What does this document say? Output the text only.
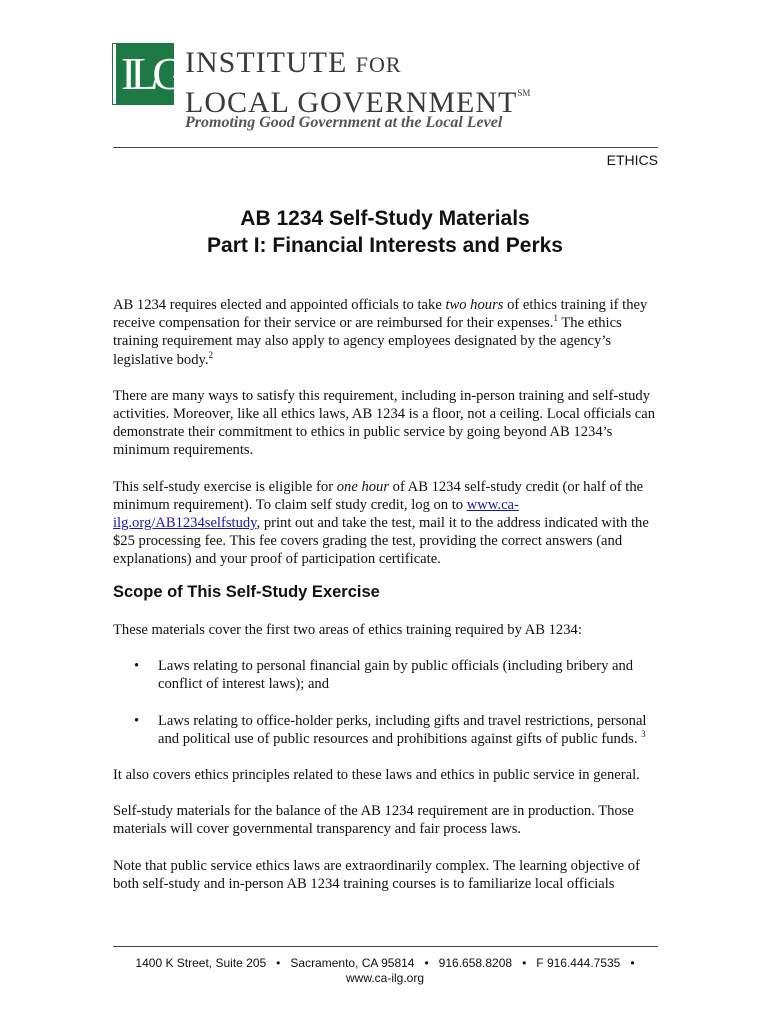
ILG INSTITUTE FOR
LOCAL GOVERNMENT℠
Promoting Good Government at the Local Level
ETHICS
AB 1234 Self-Study Materials
Part I: Financial Interests and Perks

AB 1234 requires elected and appointed officials to take two hours of ethics training if they receive compensation for their service or are reimbursed for their expenses.$^1$ The ethics training requirement may also apply to agency employees designated by the agency’s legislative body.$^2$

There are many ways to satisfy this requirement, including in-person training and self-study activities. Moreover, like all ethics laws, AB 1234 is a floor, not a ceiling. Local officials can demonstrate their commitment to ethics in public service by going beyond AB 1234’s minimum requirements.

This self-study exercise is eligible for one hour of AB 1234 self-study credit (or half of the minimum requirement). To claim self study credit, log on to www.ca-ilg.org/AB1234selfstudy, print out and take the test, mail it to the address indicated with the $25 processing fee. This fee covers grading the test, providing the correct answers (and explanations) and your proof of participation certificate.

Scope of This Self-Study Exercise

These materials cover the first two areas of ethics training required by AB 1234:

• Laws relating to personal financial gain by public officials (including bribery and conflict of interest laws); and
• Laws relating to office-holder perks, including gifts and travel restrictions, personal and political use of public resources and prohibitions against gifts of public funds. $^3$

It also covers ethics principles related to these laws and ethics in public service in general.

Self-study materials for the balance of the AB 1234 requirement are in production. Those materials will cover governmental transparency and fair process laws.

Note that public service ethics laws are extraordinarily complex. The learning objective of both self-study and in-person AB 1234 training courses is to familiarize local officials

1400 K Street, Suite 205   •   Sacramento, CA 95814   •   916.658.8208   •   F 916.444.7535   •
www.ca-ilg.org
